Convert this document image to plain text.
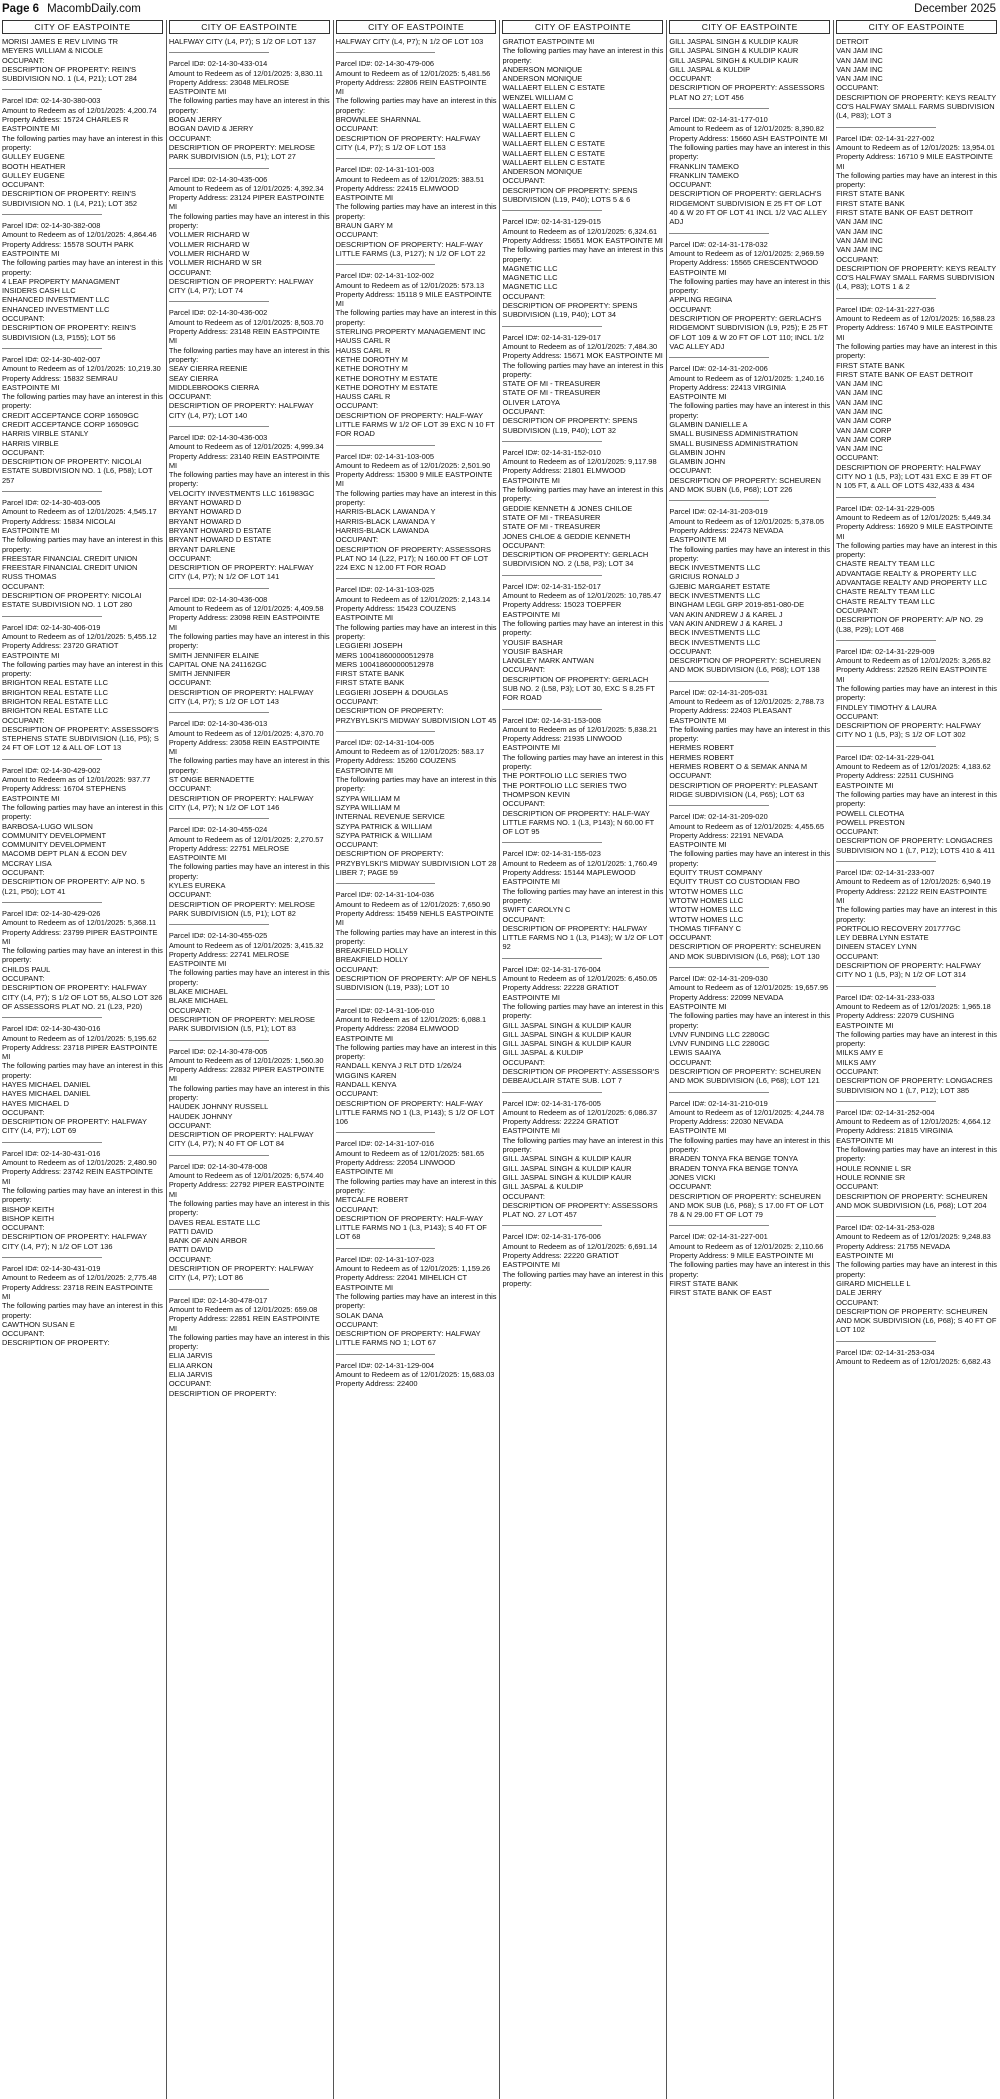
Page 6 MacombDaily.com	December 2025
CITY OF EASTPOINTE
MORISI JAMES E REV LIVING TR
MEYERS WILLIAM & NICOLE
OCCUPANT:
DESCRIPTION OF PROPERTY: REIN'S SUBDIVISION NO. 1 (L4, P21); LOT 284
Parcel ID#: 02-14-30-380-003
Amount to Redeem as of 12/01/2025: 4,200.74
Property Address: 15724 CHARLES R EASTPOINTE MI
The following parties may have an interest in this property:
GULLEY EUGENE
BOOTH HEATHER
GULLEY EUGENE
OCCUPANT:
DESCRIPTION OF PROPERTY: REIN'S SUBDIVISION NO. 1 (L4, P21); LOT 352
Parcel ID#: 02-14-30-382-008
Amount to Redeem as of 12/01/2025: 4,864.46
Property Address: 15578 SOUTH PARK EASTPOINTE MI
The following parties may have an interest in this property:
4 LEAF PROPERTY MANAGMENT
INSIDERS CASH LLC
ENHANCED INVESTMENT LLC
ENHANCED INVESTMENT LLC
OCCUPANT:
DESCRIPTION OF PROPERTY: REIN'S SUBDIVISION (L3, P155); LOT 56
Parcel ID#: 02-14-30-402-007
Amount to Redeem as of 12/01/2025: 10,219.30
Property Address: 15832 SEMRAU EASTPOINTE MI
The following parties may have an interest in this property:
CREDIT ACCEPTANCE CORP 16509GC
CREDIT ACCEPTANCE CORP 16509GC
HARRIS VIRBLE STANLY
HARRIS VIRBLE
OCCUPANT:
DESCRIPTION OF PROPERTY: NICOLAI ESTATE SUBDIVISION NO. 1 (L6, P58); LOT 257
Parcel ID#: 02-14-30-403-005
Amount to Redeem as of 12/01/2025: 4,545.17
Property Address: 15834 NICOLAI EASTPOINTE MI
The following parties may have an interest in this property:
FREESTAR FINANCIAL CREDIT UNION
FREESTAR FINANCIAL CREDIT UNION
RUSS THOMAS
OCCUPANT:
DESCRIPTION OF PROPERTY: NICOLAI ESTATE SUBDIVISION NO. 1 LOT 280
Parcel ID#: 02-14-30-406-019
Amount to Redeem as of 12/01/2025: 5,455.12
Property Address: 23720 GRATIOT EASTPOINTE MI
The following parties may have an interest in this property:
BRIGHTON REAL ESTATE LLC
BRIGHTON REAL ESTATE LLC
BRIGHTON REAL ESTATE LLC
BRIGHTON REAL ESTATE LLC
OCCUPANT:
DESCRIPTION OF PROPERTY: ASSESSOR'S STEPHENS STATE SUBDIVISION (L16, P5); S 24 FT OF LOT 12 & ALL OF LOT 13
Parcel ID#: 02-14-30-429-002
Amount to Redeem as of 12/01/2025: 937.77
Property Address: 16704 STEPHENS EASTPOINTE MI
The following parties may have an interest in this property:
BARBOSA-LUGO WILSON
COMMUNITY DEVELOPMENT
COMMUNITY DEVELOPMENT
MACOMB DEPT PLAN & ECON DEV
MCCRAY LISA
OCCUPANT:
DESCRIPTION OF PROPERTY: A/P NO. 5 (L21, P50); LOT 41
Parcel ID#: 02-14-30-429-026
Amount to Redeem as of 12/01/2025: 5,368.11
Property Address: 23799 PIPER EASTPOINTE MI
The following parties may have an interest in this property:
CHILDS PAUL
OCCUPANT:
DESCRIPTION OF PROPERTY: HALFWAY CITY (L4, P7); S 1/2 OF LOT 55, ALSO LOT 326 OF ASSESSORS PLAT NO. 21 (L23, P20)
Parcel ID#: 02-14-30-430-016
Amount to Redeem as of 12/01/2025: 5,195.62
Property Address: 23718 PIPER EASTPOINTE MI
The following parties may have an interest in this property:
HAYES MICHAEL DANIEL
HAYES MICHAEL DANIEL
HAYES MICHAEL D
OCCUPANT:
DESCRIPTION OF PROPERTY: HALFWAY CITY (L4, P7); LOT 69
Parcel ID#: 02-14-30-431-016
Amount to Redeem as of 12/01/2025: 2,480.90
Property Address: 23742 REIN EASTPOINTE MI
The following parties may have an interest in this property:
BISHOP KEITH
BISHOP KEITH
OCCUPANT:
DESCRIPTION OF PROPERTY: HALFWAY CITY (L4, P7); N 1/2 OF LOT 136
Parcel ID#: 02-14-30-431-019
Amount to Redeem as of 12/01/2025: 2,775.48
Property Address: 23718 REIN EASTPOINTE MI
The following parties may have an interest in this property:
CAWTHON SUSAN E
OCCUPANT:
DESCRIPTION OF PROPERTY:
CITY OF EASTPOINTE
HALFWAY CITY (L4, P7); S 1/2 OF LOT 137
Parcel ID#: 02-14-30-433-014
Amount to Redeem as of 12/01/2025: 3,830.11
Property Address: 23048 MELROSE EASTPOINTE MI
The following parties may have an interest in this property:
BOGAN JERRY
BOGAN DAVID & JERRY
OCCUPANT:
DESCRIPTION OF PROPERTY: MELROSE PARK SUBDIVISION (L5, P1); LOT 27
Parcel ID#: 02-14-30-435-006
Amount to Redeem as of 12/01/2025: 4,392.34
Property Address: 23124 PIPER EASTPOINTE MI
The following parties may have an interest in this property:
VOLLMER RICHARD W
VOLLMER RICHARD W
VOLLMER RICHARD W
VOLLMER RICHARD W SR
OCCUPANT:
DESCRIPTION OF PROPERTY: HALFWAY CITY (L4, P7); LOT 74
Parcel ID#: 02-14-30-436-002
Amount to Redeem as of 12/01/2025: 8,503.70
Property Address: 23148 REIN EASTPOINTE MI
The following parties may have an interest in this property:
SEAY CIERRA REENIE
SEAY CIERRA
MIDDLEBROOKS CIERRA
OCCUPANT:
DESCRIPTION OF PROPERTY: HALFWAY CITY (L4, P7); LOT 140
Parcel ID#: 02-14-30-436-003
Amount to Redeem as of 12/01/2025: 4,999.34
Property Address: 23140 REIN EASTPOINTE MI
The following parties may have an interest in this property:
VELOCITY INVESTMENTS LLC 161983GC
BRYANT HOWARD D
BRYANT HOWARD D
BRYANT HOWARD D
BRYANT HOWARD D ESTATE
BRYANT HOWARD D ESTATE
BRYANT DARLENE
OCCUPANT:
DESCRIPTION OF PROPERTY: HALFWAY CITY (L4, P7); N 1/2 OF LOT 141
Parcel ID#: 02-14-30-436-008
Amount to Redeem as of 12/01/2025: 4,409.58
Property Address: 23098 REIN EASTPOINTE MI
The following parties may have an interest in this property:
SMITH JENNIFER ELAINE
CAPITAL ONE NA 241162GC
SMITH JENNIFER
OCCUPANT:
DESCRIPTION OF PROPERTY: HALFWAY CITY (L4, P7); S 1/2 OF LOT 143
Parcel ID#: 02-14-30-436-013
Amount to Redeem as of 12/01/2025: 4,370.70
Property Address: 23058 REIN EASTPOINTE MI
The following parties may have an interest in this property:
ST ONGE BERNADETTE
OCCUPANT:
DESCRIPTION OF PROPERTY: HALFWAY CITY (L4, P7); N 1/2 OF LOT 146
Parcel ID#: 02-14-30-455-024
Amount to Redeem as of 12/01/2025: 2,270.57
Property Address: 22751 MELROSE EASTPOINTE MI
The following parties may have an interest in this property:
KYLES EUREKA
OCCUPANT:
DESCRIPTION OF PROPERTY: MELROSE PARK SUBDIVISION (L5, P1); LOT 82
Parcel ID#: 02-14-30-455-025
Amount to Redeem as of 12/01/2025: 3,415.32
Property Address: 22741 MELROSE EASTPOINTE MI
The following parties may have an interest in this property:
BLAKE MICHAEL
BLAKE MICHAEL
OCCUPANT:
DESCRIPTION OF PROPERTY: MELROSE PARK SUBDIVISION (L5, P1); LOT 83
Parcel ID#: 02-14-30-478-005
Amount to Redeem as of 12/01/2025: 1,560.30
Property Address: 22832 PIPER EASTPOINTE MI
The following parties may have an interest in this property:
HAUDEK JOHNNY RUSSELL
HAUDEK JOHNNY
OCCUPANT:
DESCRIPTION OF PROPERTY: HALFWAY CITY (L4, P7); N 40 FT OF LOT 84
Parcel ID#: 02-14-30-478-008
Amount to Redeem as of 12/01/2025: 6,574.40
Property Address: 22792 PIPER EASTPOINTE MI
The following parties may have an interest in this property:
DAVES REAL ESTATE LLC
PATTI DAVID
BANK OF ANN ARBOR
PATTI DAVID
OCCUPANT:
DESCRIPTION OF PROPERTY: HALFWAY CITY (L4, P7); LOT 86
Parcel ID#: 02-14-30-478-017
Amount to Redeem as of 12/01/2025: 659.08
Property Address: 22851 REIN EASTPOINTE MI
The following parties may have an interest in this property:
ELIA JARVIS
ELIA ARKON
ELIA JARVIS
OCCUPANT:
DESCRIPTION OF PROPERTY:
CITY OF EASTPOINTE
HALFWAY CITY (L4, P7); N 1/2 OF LOT 103
Parcel ID#: 02-14-30-479-006
Amount to Redeem as of 12/01/2025: 5,481.56
Property Address: 22806 REIN EASTPOINTE MI
The following parties may have an interest in this property:
BROWNLEE SHARNNAL
OCCUPANT:
DESCRIPTION OF PROPERTY: HALFWAY CITY (L4, P7); S 1/2 OF LOT 153
Parcel ID#: 02-14-31-101-003
Amount to Redeem as of 12/01/2025: 383.51
Property Address: 22415 ELMWOOD EASTPOINTE MI
The following parties may have an interest in this property:
BRAUN GARY M
OCCUPANT:
DESCRIPTION OF PROPERTY: HALF-WAY LITTLE FARMS (L3, P127); N 1/2 OF LOT 22
Parcel ID#: 02-14-31-102-002
Amount to Redeem as of 12/01/2025: 573.13
Property Address: 15118 9 MILE EASTPOINTE MI
The following parties may have an interest in this property:
STERLING PROPERTY MANAGEMENT INC
HAUSS CARL R
HAUSS CARL R
KETHE DOROTHY M
KETHE DOROTHY M
KETHE DOROTHY M ESTATE
KETHE DOROTHY M ESTATE
HAUSS CARL R
OCCUPANT:
DESCRIPTION OF PROPERTY: HALF-WAY LITTLE FARMS W 1/2 OF LOT 39 EXC N 10 FT FOR ROAD
Parcel ID#: 02-14-31-103-005
Amount to Redeem as of 12/01/2025: 2,501.90
Property Address: 15300 9 MILE EASTPOINTE MI
The following parties may have an interest in this property:
HARRIS-BLACK LAWANDA Y
HARRIS-BLACK LAWANDA Y
HARRIS-BLACK LAWANDA
OCCUPANT:
DESCRIPTION OF PROPERTY: ASSESSORS PLAT NO 14 (L22, P17); N 160.00 FT OF LOT 224 EXC N 12.00 FT FOR ROAD
Parcel ID#: 02-14-31-103-025
Amount to Redeem as of 12/01/2025: 2,143.14
Property Address: 15423 COUZENS EASTPOINTE MI
The following parties may have an interest in this property:
LEGGIERI JOSEPH
MERS 100418600000512978
MERS 100418600000512978
FIRST STATE BANK
FIRST STATE BANK
LEGGIERI JOSEPH & DOUGLAS
OCCUPANT:
DESCRIPTION OF PROPERTY: PRZYBYLSKI'S MIDWAY SUBDIVISION LOT 45
Parcel ID#: 02-14-31-104-005
Amount to Redeem as of 12/01/2025: 583.17
Property Address: 15260 COUZENS EASTPOINTE MI
The following parties may have an interest in this property:
SZYPA WILLIAM M
SZYPA WILLIAM M
INTERNAL REVENUE SERVICE
SZYPA PATRICK & WILLIAM
SZYPA PATRICK & WILLIAM
OCCUPANT:
DESCRIPTION OF PROPERTY: PRZYBYLSKI'S MIDWAY SUBDIVISION LOT 28 LIBER 7; PAGE 59
Parcel ID#: 02-14-31-104-036
Amount to Redeem as of 12/01/2025: 7,650.90
Property Address: 15459 NEHLS EASTPOINTE MI
The following parties may have an interest in this property:
BREAKFIELD HOLLY
BREAKFIELD HOLLY
OCCUPANT:
DESCRIPTION OF PROPERTY: A/P OF NEHLS SUBDIVISION (L19, P33); LOT 10
Parcel ID#: 02-14-31-106-010
Amount to Redeem as of 12/01/2025: 6,088.1
Property Address: 22084 ELMWOOD EASTPOINTE MI
The following parties may have an interest in this property:
RANDALL KENYA J RLT DTD 1/26/24
WIGGINS KAREN
RANDALL KENYA
OCCUPANT:
DESCRIPTION OF PROPERTY: HALF-WAY LITTLE FARMS NO 1 (L3, P143); S 1/2 OF LOT 106
Parcel ID#: 02-14-31-107-016
Amount to Redeem as of 12/01/2025: 581.65
Property Address: 22054 LINWOOD EASTPOINTE MI
The following parties may have an interest in this property:
METCALFE ROBERT
OCCUPANT:
DESCRIPTION OF PROPERTY: HALF-WAY LITTLE FARMS NO 1 (L3, P143); S 40 FT OF LOT 68
Parcel ID#: 02-14-31-107-023
Amount to Redeem as of 12/01/2025: 1,159.26
Property Address: 22041 MIHELICH CT EASTPOINTE MI
The following parties may have an interest in this property:
SOLAK DANA
OCCUPANT:
DESCRIPTION OF PROPERTY: HALFWAY LITTLE FARMS NO 1; LOT 67
Parcel ID#: 02-14-31-129-004
Amount to Redeem as of 12/01/2025: 15,683.03
Property Address: 22400
CITY OF EASTPOINTE
GRATIOT EASTPOINTE MI
The following parties may have an interest in this property:
ANDERSON MONIQUE
ANDERSON MONIQUE
WALLAERT ELLEN C ESTATE
WENZEL WILLIAM C
WALLAERT ELLEN C
WALLAERT ELLEN C
WALLAERT ELLEN C
WALLAERT ELLEN C
WALLAERT ELLEN C ESTATE
WALLAERT ELLEN C ESTATE
WALLAERT ELLEN C ESTATE
ANDERSON MONIQUE
OCCUPANT:
DESCRIPTION OF PROPERTY: SPENS SUBDIVISION (L19, P40); LOTS 5 & 6
Parcel ID#: 02-14-31-129-015
Amount to Redeem as of 12/01/2025: 6,324.61
Property Address: 15651 MOK EASTPOINTE MI
The following parties may have an interest in this property:
MAGNETIC LLC
MAGNETIC LLC
MAGNETIC LLC
OCCUPANT:
DESCRIPTION OF PROPERTY: SPENS SUBDIVISION (L19, P40); LOT 34
Parcel ID#: 02-14-31-129-017
Amount to Redeem as of 12/01/2025: 7,484.30
Property Address: 15671 MOK EASTPOINTE MI
The following parties may have an interest in this property:
STATE OF MI - TREASURER
STATE OF MI - TREASURER
OLIVER LATOYA
OCCUPANT:
DESCRIPTION OF PROPERTY: SPENS SUBDIVISION (L19, P40); LOT 32
Parcel ID#: 02-14-31-152-010
Amount to Redeem as of 12/01/2025: 9,117.98
Property Address: 21801 ELMWOOD EASTPOINTE MI
The following parties may have an interest in this property:
GEDDIE KENNETH & JONES CHILOE
STATE OF MI - TREASURER
STATE OF MI - TREASURER
JONES CHLOE & GEDDIE KENNETH
OCCUPANT:
DESCRIPTION OF PROPERTY: GERLACH SUBDIVISION NO. 2 (L58, P3); LOT 34
Parcel ID#: 02-14-31-152-017
Amount to Redeem as of 12/01/2025: 10,785.47
Property Address: 15023 TOEPFER EASTPOINTE MI
The following parties may have an interest in this property:
YOUSIF BASHAR
YOUSIF BASHAR
LANGLEY MARK ANTWAN
OCCUPANT:
DESCRIPTION OF PROPERTY: GERLACH SUB NO. 2 (L58, P3); LOT 30, EXC S 8.25 FT FOR ROAD
Parcel ID#: 02-14-31-153-008
Amount to Redeem as of 12/01/2025: 5,838.21
Property Address: 21935 LINWOOD EASTPOINTE MI
The following parties may have an interest in this property:
THE PORTFOLIO LLC SERIES TWO
THE PORTFOLIO LLC SERIES TWO
THOMPSON KEVIN
OCCUPANT:
DESCRIPTION OF PROPERTY: HALF-WAY LITTLE FARMS NO. 1 (L3, P143); N 60.00 FT OF LOT 95
Parcel ID#: 02-14-31-155-023
Amount to Redeem as of 12/01/2025: 1,760.49
Property Address: 15144 MAPLEWOOD EASTPOINTE MI
The following parties may have an interest in this property:
SWIFT CAROLYN C
OCCUPANT:
DESCRIPTION OF PROPERTY: HALFWAY LITTLE FARMS NO 1 (L3, P143); W 1/2 OF LOT 92
Parcel ID#: 02-14-31-176-004
Amount to Redeem as of 12/01/2025: 6,450.05
Property Address: 22228 GRATIOT EASTPOINTE MI
The following parties may have an interest in this property:
GILL JASPAL SINGH & KULDIP KAUR
GILL JASPAL SINGH & KULDIP KAUR
GILL JASPAL SINGH & KULDIP KAUR
GILL JASPAL & KULDIP
OCCUPANT:
DESCRIPTION OF PROPERTY: ASSESSOR'S DEBEAUCLAIR STATE SUB. LOT 7
Parcel ID#: 02-14-31-176-005
Amount to Redeem as of 12/01/2025: 6,086.37
Property Address: 22224 GRATIOT EASTPOINTE MI
The following parties may have an interest in this property:
GILL JASPAL SINGH & KULDIP KAUR
GILL JASPAL SINGH & KULDIP KAUR
GILL JASPAL SINGH & KULDIP KAUR
GILL JASPAL & KULDIP
OCCUPANT:
DESCRIPTION OF PROPERTY: ASSESSORS PLAT NO. 27 LOT 457
Parcel ID#: 02-14-31-176-006
Amount to Redeem as of 12/01/2025: 6,691.14
Property Address: 22220 GRATIOT EASTPOINTE MI
The following parties may have an interest in this property:
CITY OF EASTPOINTE
GILL JASPAL SINGH & KULDIP KAUR
GILL JASPAL SINGH & KULDIP KAUR
GILL JASPAL SINGH & KULDIP KAUR
GILL JASPAL & KULDIP
OCCUPANT:
DESCRIPTION OF PROPERTY: ASSESSORS PLAT NO 27; LOT 456
Parcel ID#: 02-14-31-177-010
Amount to Redeem as of 12/01/2025: 8,390.82
Property Address: 15660 ASH EASTPOINTE MI
The following parties may have an interest in this property:
FRANKLIN TAMEKO
FRANKLIN TAMEKO
OCCUPANT:
DESCRIPTION OF PROPERTY: GERLACH'S RIDGEMONT SUBDIVISION E 25 FT OF LOT 40 & W 20 FT OF LOT 41 INCL 1/2 VAC ALLEY ADJ
Parcel ID#: 02-14-31-178-032
Amount to Redeem as of 12/01/2025: 2,969.59
Property Address: 15565 CRESCENTWOOD EASTPOINTE MI
The following parties may have an interest in this property:
APPLING REGINA
OCCUPANT:
DESCRIPTION OF PROPERTY: GERLACH'S RIDGEMONT SUBDIVISION (L9, P25); E 25 FT OF LOT 109 & W 20 FT OF LOT 110; INCL 1/2 VAC ALLEY ADJ
Parcel ID#: 02-14-31-202-006
Amount to Redeem as of 12/01/2025: 1,240.16
Property Address: 22413 VIRGINIA EASTPOINTE MI
The following parties may have an interest in this property:
GLAMBIN DANIELLE A
SMALL BUSINESS ADMINISTRATION
SMALL BUSINESS ADMINISTRATION
GLAMBIN JOHN
GLAMBIN JOHN
OCCUPANT:
DESCRIPTION OF PROPERTY: SCHEUREN AND MOK SUBN (L6, P68); LOT 226
Parcel ID#: 02-14-31-203-019
Amount to Redeem as of 12/01/2025: 5,378.05
Property Address: 22473 NEVADA EASTPOINTE MI
The following parties may have an interest in this property:
BECK INVESTMENTS LLC
GRICIUS RONALD J
GJEBIC MARGARET ESTATE
BECK INVESTMENTS LLC
BINGHAM LEGL GRP 2019-851-080-DE
VAN AKIN ANDREW J & KAREL J
VAN AKIN ANDREW J & KAREL J
BECK INVESTMENTS LLC
BECK INVESTMENTS LLC
OCCUPANT:
DESCRIPTION OF PROPERTY: SCHEUREN AND MOK SUBDIVISION (L6, P68); LOT 138
Parcel ID#: 02-14-31-205-031
Amount to Redeem as of 12/01/2025: 2,788.73
Property Address: 22403 PLEASANT EASTPOINTE MI
The following parties may have an interest in this property:
HERMES ROBERT
HERMES ROBERT
HERMES ROBERT O & SEMAK ANNA M
OCCUPANT:
DESCRIPTION OF PROPERTY: PLEASANT RIDGE SUBDIVISION (L4, P65); LOT 63
Parcel ID#: 02-14-31-209-020
Amount to Redeem as of 12/01/2025: 4,455.65
Property Address: 22191 NEVADA EASTPOINTE MI
The following parties may have an interest in this property:
EQUITY TRUST COMPANY
EQUITY TRUST CO CUSTODIAN FBO
WTOTW HOMES LLC
WTOTW HOMES LLC
WTOTW HOMES LLC
WTOTW HOMES LLC
THOMAS TIFFANY C
OCCUPANT:
DESCRIPTION OF PROPERTY: SCHEUREN AND MOK SUBDIVISION (L6, P68); LOT 130
Parcel ID#: 02-14-31-209-030
Amount to Redeem as of 12/01/2025: 19,657.95
Property Address: 22099 NEVADA EASTPOINTE MI
The following parties may have an interest in this property:
LVNV FUNDING LLC 2280GC
LVNV FUNDING LLC 2280GC
LEWIS SAAIYA
OCCUPANT:
DESCRIPTION OF PROPERTY: SCHEUREN AND MOK SUBDIVISION (L6, P68); LOT 121
Parcel ID#: 02-14-31-210-019
Amount to Redeem as of 12/01/2025: 4,244.78
Property Address: 22030 NEVADA EASTPOINTE MI
The following parties may have an interest in this property:
BRADEN TONYA FKA BENGE TONYA
BRADEN TONYA FKA BENGE TONYA
JONES VICKI
OCCUPANT:
DESCRIPTION OF PROPERTY: SCHEUREN AND MOK SUB (L6, P68); S 17.00 FT OF LOT 78 & N 29.00 FT OF LOT 79
Parcel ID#: 02-14-31-227-001
Amount to Redeem as of 12/01/2025: 2,110.66
Property Address: 9 MILE EASTPOINTE MI
The following parties may have an interest in this property:
FIRST STATE BANK
FIRST STATE BANK OF EAST
CITY OF EASTPOINTE
DETROIT
VAN JAM INC
VAN JAM INC
VAN JAM INC
VAN JAM INC
OCCUPANT:
DESCRIPTION OF PROPERTY: KEYS REALTY CO'S HALFWAY SMALL FARMS SUBDIVISION (L4, P83); LOT 3
Parcel ID#: 02-14-31-227-002
Amount to Redeem as of 12/01/2025: 13,954.01
Property Address: 16710 9 MILE EASTPOINTE MI
The following parties may have an interest in this property:
FIRST STATE BANK
FIRST STATE BANK
FIRST STATE BANK OF EAST DETROIT
VAN JAM INC
VAN JAM INC
VAN JAM INC
VAN JAM INC
OCCUPANT:
DESCRIPTION OF PROPERTY: KEYS REALTY CO'S HALFWAY SMALL FARMS SUBDIVISION (L4, P83); LOTS 1 & 2
Parcel ID#: 02-14-31-227-036
Amount to Redeem as of 12/01/2025: 16,588.23
Property Address: 16740 9 MILE EASTPOINTE MI
The following parties may have an interest in this property:
FIRST STATE BANK
FIRST STATE BANK OF EAST DETROIT
VAN JAM INC
VAN JAM INC
VAN JAM INC
VAN JAM INC
VAN JAM CORP
VAN JAM CORP
VAN JAM CORP
VAN JAM INC
OCCUPANT:
DESCRIPTION OF PROPERTY: HALFWAY CITY NO 1 (L5, P3); LOT 431 EXC E 39 FT OF N 105 FT, & ALL OF LOTS 432,433 & 434
Parcel ID#: 02-14-31-229-005
Amount to Redeem as of 12/01/2025: 5,449.34
Property Address: 16920 9 MILE EASTPOINTE MI
The following parties may have an interest in this property:
CHASTE REALTY TEAM LLC
ADVANTAGE REALTY & PROPERTY LLC
ADVANTAGE REALTY AND PROPERTY LLC
CHASTE REALTY TEAM LLC
CHASTE REALTY TEAM LLC
OCCUPANT:
DESCRIPTION OF PROPERTY: A/P NO. 29 (L38, P29); LOT 468
Parcel ID#: 02-14-31-229-009
Amount to Redeem as of 12/01/2025: 3,265.82
Property Address: 22526 REIN EASTPOINTE MI
The following parties may have an interest in this property:
FINDLEY TIMOTHY & LAURA
OCCUPANT:
DESCRIPTION OF PROPERTY: HALFWAY CITY NO 1 (L5, P3); S 1/2 OF LOT 302
Parcel ID#: 02-14-31-229-041
Amount to Redeem as of 12/01/2025: 4,183.62
Property Address: 22511 CUSHING EASTPOINTE MI
The following parties may have an interest in this property:
POWELL CLEOTHA
POWELL PRESTON
OCCUPANT:
DESCRIPTION OF PROPERTY: LONGACRES SUBDIVISION NO 1 (L7, P12); LOTS 410 & 411
Parcel ID#: 02-14-31-233-007
Amount to Redeem as of 12/01/2025: 6,940.19
Property Address: 22122 REIN EASTPOINTE MI
The following parties may have an interest in this property:
PORTFOLIO RECOVERY 201777GC
LEY DEBRA LYNN ESTATE
DINEEN STACEY LYNN
OCCUPANT:
DESCRIPTION OF PROPERTY: HALFWAY CITY NO 1 (L5, P3); N 1/2 OF LOT 314
Parcel ID#: 02-14-31-233-033
Amount to Redeem as of 12/01/2025: 1,965.18
Property Address: 22079 CUSHING EASTPOINTE MI
The following parties may have an interest in this property:
MILKS AMY E
MILKS AMY
OCCUPANT:
DESCRIPTION OF PROPERTY: LONGACRES SUBDIVISION NO 1 (L7, P12); LOT 385
Parcel ID#: 02-14-31-252-004
Amount to Redeem as of 12/01/2025: 4,664.12
Property Address: 21815 VIRGINIA EASTPOINTE MI
The following parties may have an interest in this property:
HOULE RONNIE L SR
HOULE RONNIE SR
OCCUPANT:
DESCRIPTION OF PROPERTY: SCHEUREN AND MOK SUBDIVISION (L6, P68); LOT 204
Parcel ID#: 02-14-31-253-028
Amount to Redeem as of 12/01/2025: 9,248.83
Property Address: 21755 NEVADA EASTPOINTE MI
The following parties may have an interest in this property:
GIRARD MICHELLE L
DALE JERRY
OCCUPANT:
DESCRIPTION OF PROPERTY: SCHEUREN AND MOK SUBDIVISION (L6, P68); S 40 FT OF LOT 102
Parcel ID#: 02-14-31-253-034
Amount to Redeem as of 12/01/2025: 6,682.43
